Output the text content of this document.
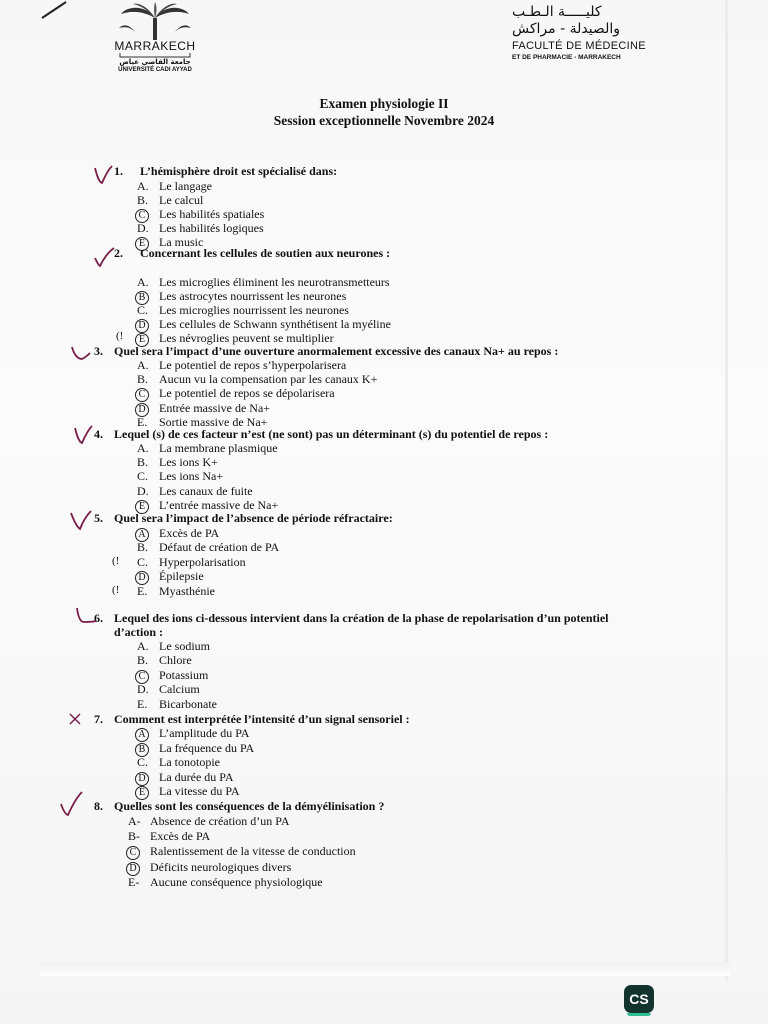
MARRAKECH
جامعة القاضي عياض
UNIVERSITÉ CADI AYYAD
كليـــــة الـطـب
والصيدلة - مراكش
FACULTÉ DE MÉDECINE
ET DE PHARMACIE - MARRAKECH
Examen physiologie II
Session exceptionnelle Novembre 2024
1. L’hémisphère droit est spécialisé dans:
A. Le langage
B. Le calcul
C Les habilités spatiales
D. Les habilités logiques
E La music
2. Concernant les cellules de soutien aux neurones :
A. Les microglies éliminent les neurotransmetteurs
B Les astrocytes nourrissent les neurones
C. Les microglies nourrissent les neurones
D Les cellules de Schwann synthétisent la myéline
E Les névroglies peuvent se multiplier
3. Quel sera l’impact d’une ouverture anormalement excessive des canaux Na+ au repos :
A. Le potentiel de repos s’hyperpolarisera
B. Aucun vu la compensation par les canaux K+
C Le potentiel de repos se dépolarisera
D Entrée massive de Na+
E. Sortie massive de Na+
4. Lequel (s) de ces facteur n’est (ne sont) pas un déterminant (s) du potentiel de repos :
A. La membrane plasmique
B. Les ions K+
C. Les ions Na+
D. Les canaux de fuite
E L’entrée massive de Na+
5. Quel sera l’impact de l’absence de période réfractaire:
A Excès de PA
B. Défaut de création de PA
C. Hyperpolarisation
D Épilepsie
E. Myasthénie
6. Lequel des ions ci-dessous intervient dans la création de la phase de repolarisation d’un potentiel
d’action :
A. Le sodium
B. Chlore
C Potassium
D. Calcium
E. Bicarbonate
7. Comment est interprétée l’intensité d’un signal sensoriel :
A L’amplitude du PA
B La fréquence du PA
C. La tonotopie
D La durée du PA
E La vitesse du PA
8. Quelles sont les conséquences de la démyélinisation ?
A- Absence de création d’un PA
B- Excès de PA
C Ralentissement de la vitesse de conduction
D Déficits neurologiques divers
E- Aucune conséquence physiologique
(!
(!
(!
CS
